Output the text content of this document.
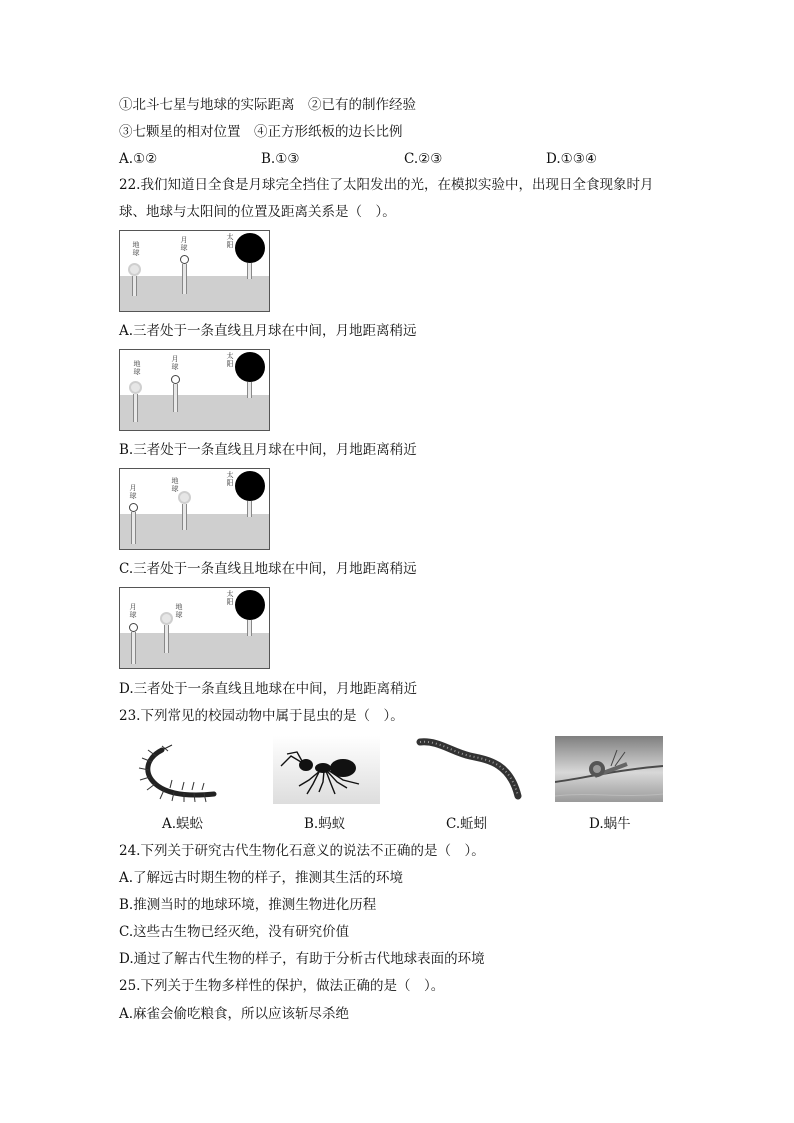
①北斗七星与地球的实际距离　②已有的制作经验
③七颗星的相对位置　④正方形纸板的边长比例
A.①②	B.①③	C.②③	D.①③④
22.我们知道日全食是月球完全挡住了太阳发出的光，在模拟实验中，出现日全食现象时月
球、地球与太阳间的位置及距离关系是（　）。
地球
月球
太阳
A.三者处于一条直线且月球在中间，月地距离稍远
地球
月球
太阳
B.三者处于一条直线且月球在中间，月地距离稍近
月球
地球
太阳
C.三者处于一条直线且地球在中间，月地距离稍远
月球
地球
太阳
D.三者处于一条直线且地球在中间，月地距离稍近
23.下列常见的校园动物中属于昆虫的是（　）。
A.蜈蚣	B.蚂蚁	C.蚯蚓	D.蜗牛
24.下列关于研究古代生物化石意义的说法不正确的是（　）。
A.了解远古时期生物的样子，推测其生活的环境
B.推测当时的地球环境，推测生物进化历程
C.这些古生物已经灭绝，没有研究价值
D.通过了解古代生物的样子，有助于分析古代地球表面的环境
25.下列关于生物多样性的保护，做法正确的是（　）。
A.麻雀会偷吃粮食，所以应该斩尽杀绝
